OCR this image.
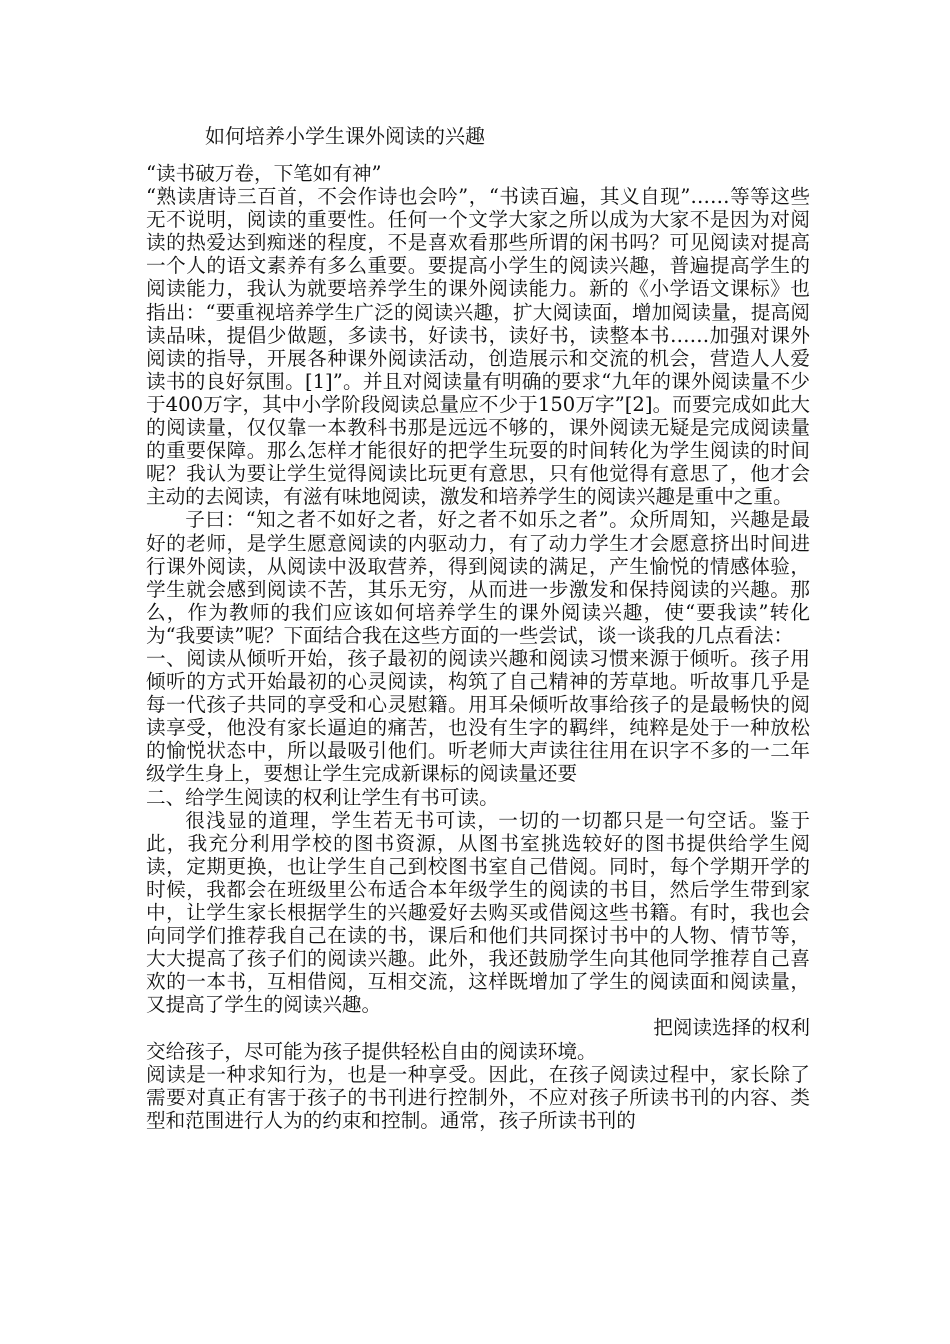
如何培养小学生课外阅读的兴趣

“读书破万卷，下笔如有神”

“熟读唐诗三百首，不会作诗也会吟”，“书读百遍，其义自现”……等等这些无不说明，阅读的重要性。任何一个文学大家之所以成为大家不是因为对阅读的热爱达到痴迷的程度，不是喜欢看那些所谓的闲书吗？可见阅读对提高一个人的语文素养有多么重要。要提高小学生的阅读兴趣，普遍提高学生的阅读能力，我认为就要培养学生的课外阅读能力。新的《小学语文课标》也指出：“要重视培养学生广泛的阅读兴趣，扩大阅读面，增加阅读量，提高阅读品味，提倡少做题，多读书，好读书，读好书，读整本书……加强对课外阅读的指导，开展各种课外阅读活动，创造展示和交流的机会，营造人人爱读书的良好氛围。[1]”。并且对阅读量有明确的要求“九年的课外阅读量不少于400万字，其中小学阶段阅读总量应不少于150万字”[2]。而要完成如此大的阅读量，仅仅靠一本教科书那是远远不够的，课外阅读无疑是完成阅读量的重要保障。那么怎样才能很好的把学生玩耍的时间转化为学生阅读的时间呢？我认为要让学生觉得阅读比玩更有意思，只有他觉得有意思了，他才会主动的去阅读，有滋有味地阅读，激发和培养学生的阅读兴趣是重中之重。

子曰：“知之者不如好之者，好之者不如乐之者”。众所周知，兴趣是最好的老师，是学生愿意阅读的内驱动力，有了动力学生才会愿意挤出时间进行课外阅读，从阅读中汲取营养，得到阅读的满足，产生愉悦的情感体验，学生就会感到阅读不苦，其乐无穷，从而进一步激发和保持阅读的兴趣。那么，作为教师的我们应该如何培养学生的课外阅读兴趣，使“要我读”转化为“我要读”呢？下面结合我在这些方面的一些尝试，谈一谈我的几点看法：

一、阅读从倾听开始，孩子最初的阅读兴趣和阅读习惯来源于倾听。孩子用倾听的方式开始最初的心灵阅读，构筑了自己精神的芳草地。听故事几乎是每一代孩子共同的享受和心灵慰籍。用耳朵倾听故事给孩子的是最畅快的阅读享受，他没有家长逼迫的痛苦，也没有生字的羁绊，纯粹是处于一种放松的愉悦状态中，所以最吸引他们。听老师大声读往往用在识字不多的一二年级学生身上，要想让学生完成新课标的阅读量还要

二、给学生阅读的权利让学生有书可读。

很浅显的道理，学生若无书可读，一切的一切都只是一句空话。鉴于此，我充分利用学校的图书资源，从图书室挑选较好的图书提供给学生阅读，定期更换，也让学生自己到校图书室自己借阅。同时，每个学期开学的时候，我都会在班级里公布适合本年级学生的阅读的书目，然后学生带到家中，让学生家长根据学生的兴趣爱好去购买或借阅这些书籍。有时，我也会向同学们推荐我自己在读的书，课后和他们共同探讨书中的人物、情节等，大大提高了孩子们的阅读兴趣。此外，我还鼓励学生向其他同学推荐自己喜欢的一本书，互相借阅，互相交流，这样既增加了学生的阅读面和阅读量，又提高了学生的阅读兴趣。

把阅读选择的权利

交给孩子，尽可能为孩子提供轻松自由的阅读环境。

阅读是一种求知行为，也是一种享受。因此，在孩子阅读过程中，家长除了需要对真正有害于孩子的书刊进行控制外，不应对孩子所读书刊的内容、类型和范围进行人为的约束和控制。通常，孩子所读书刊的
